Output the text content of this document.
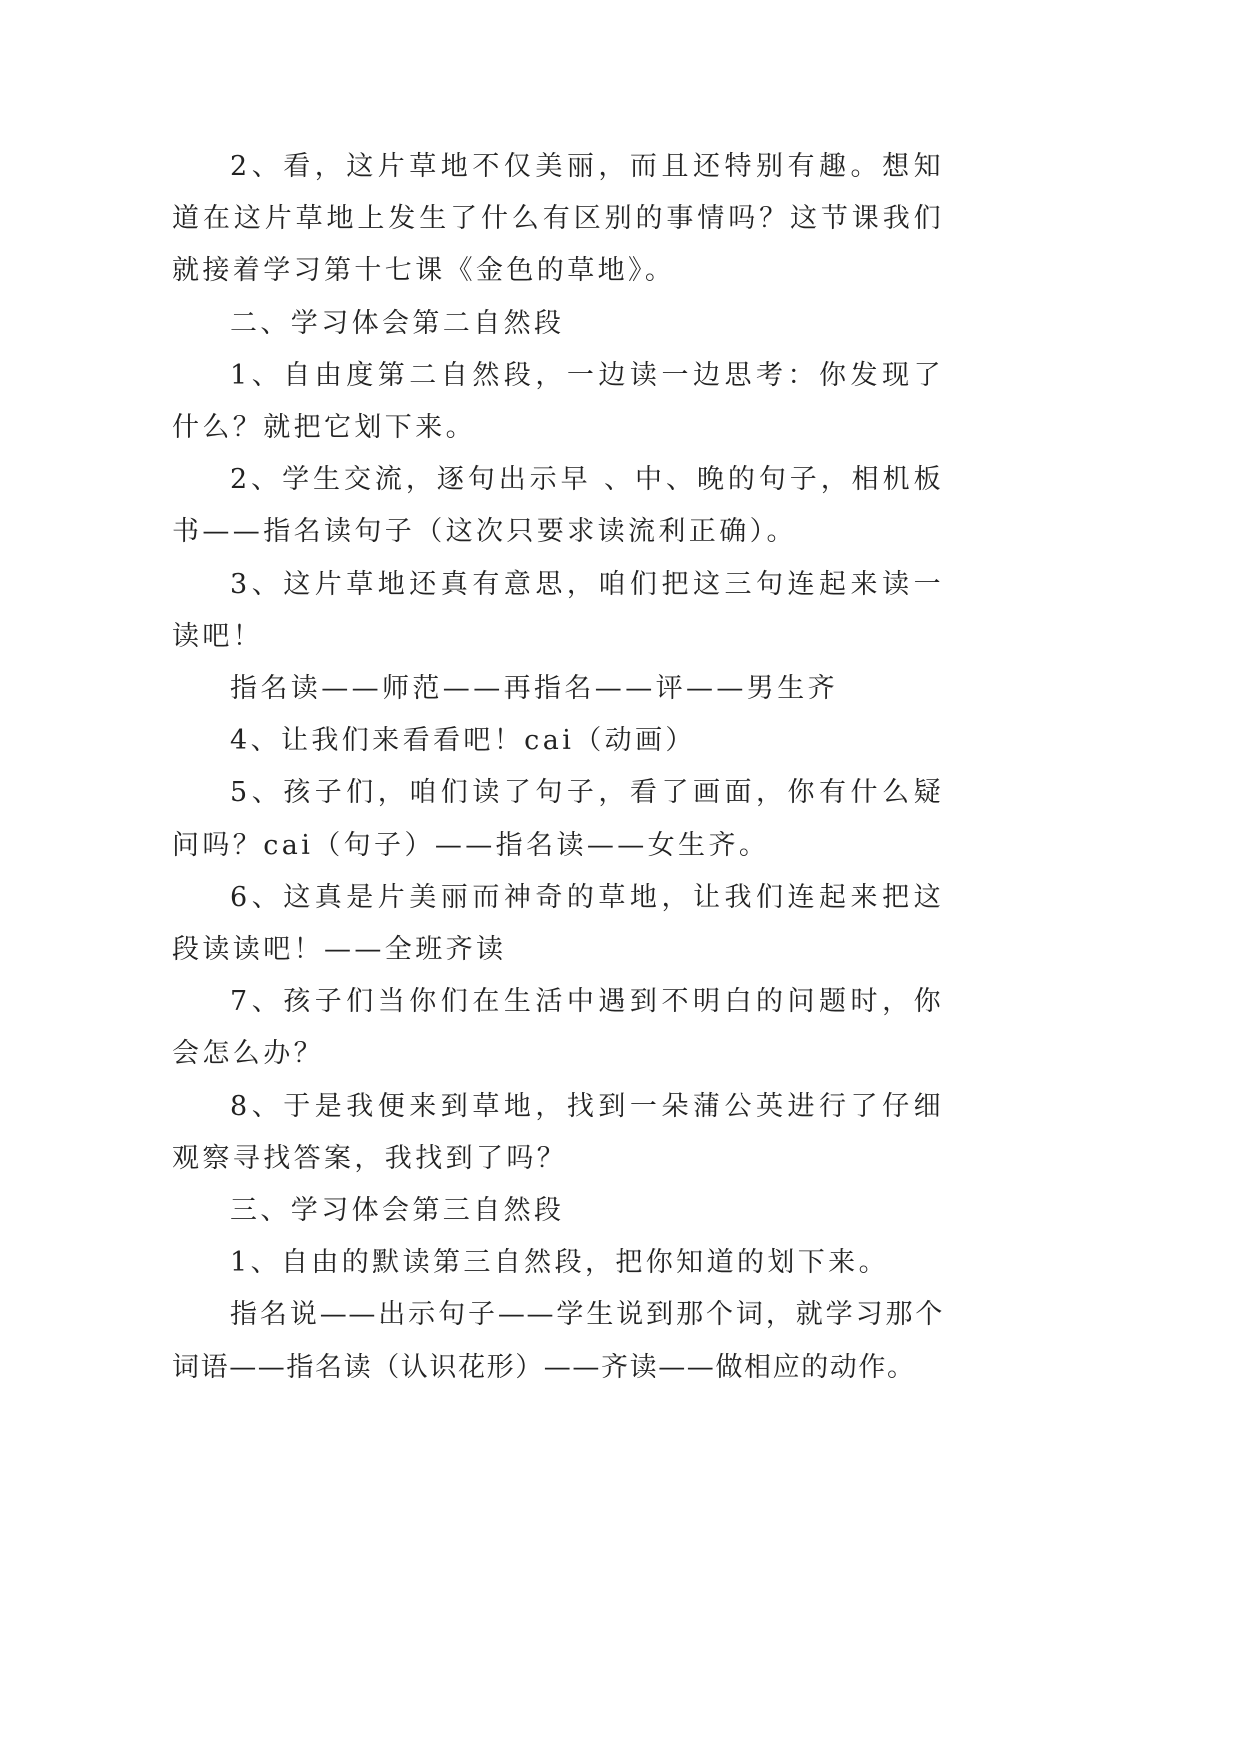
2、看，这片草地不仅美丽，而且还特别有趣。想知道在这片草地上发生了什么有区别的事情吗？这节课我们就接着学习第十七课《金色的草地》。

二、学习体会第二自然段

1、自由度第二自然段，一边读一边思考：你发现了什么？就把它划下来。

2、学生交流，逐句出示早 、中、晚的句子，相机板书——指名读句子（这次只要求读流利正确）。

3、这片草地还真有意思，咱们把这三句连起来读一读吧！

指名读——师范——再指名——评——男生齐

4、让我们来看看吧！cai（动画）

5、孩子们，咱们读了句子，看了画面，你有什么疑问吗？cai（句子）——指名读——女生齐。

6、这真是片美丽而神奇的草地，让我们连起来把这段读读吧！——全班齐读

7、孩子们当你们在生活中遇到不明白的问题时，你会怎么办？

8、于是我便来到草地，找到一朵蒲公英进行了仔细观察寻找答案，我找到了吗？

三、学习体会第三自然段

1、自由的默读第三自然段，把你知道的划下来。

指名说——出示句子——学生说到那个词，就学习那个词语——指名读（认识花形）——齐读——做相应的动作。
